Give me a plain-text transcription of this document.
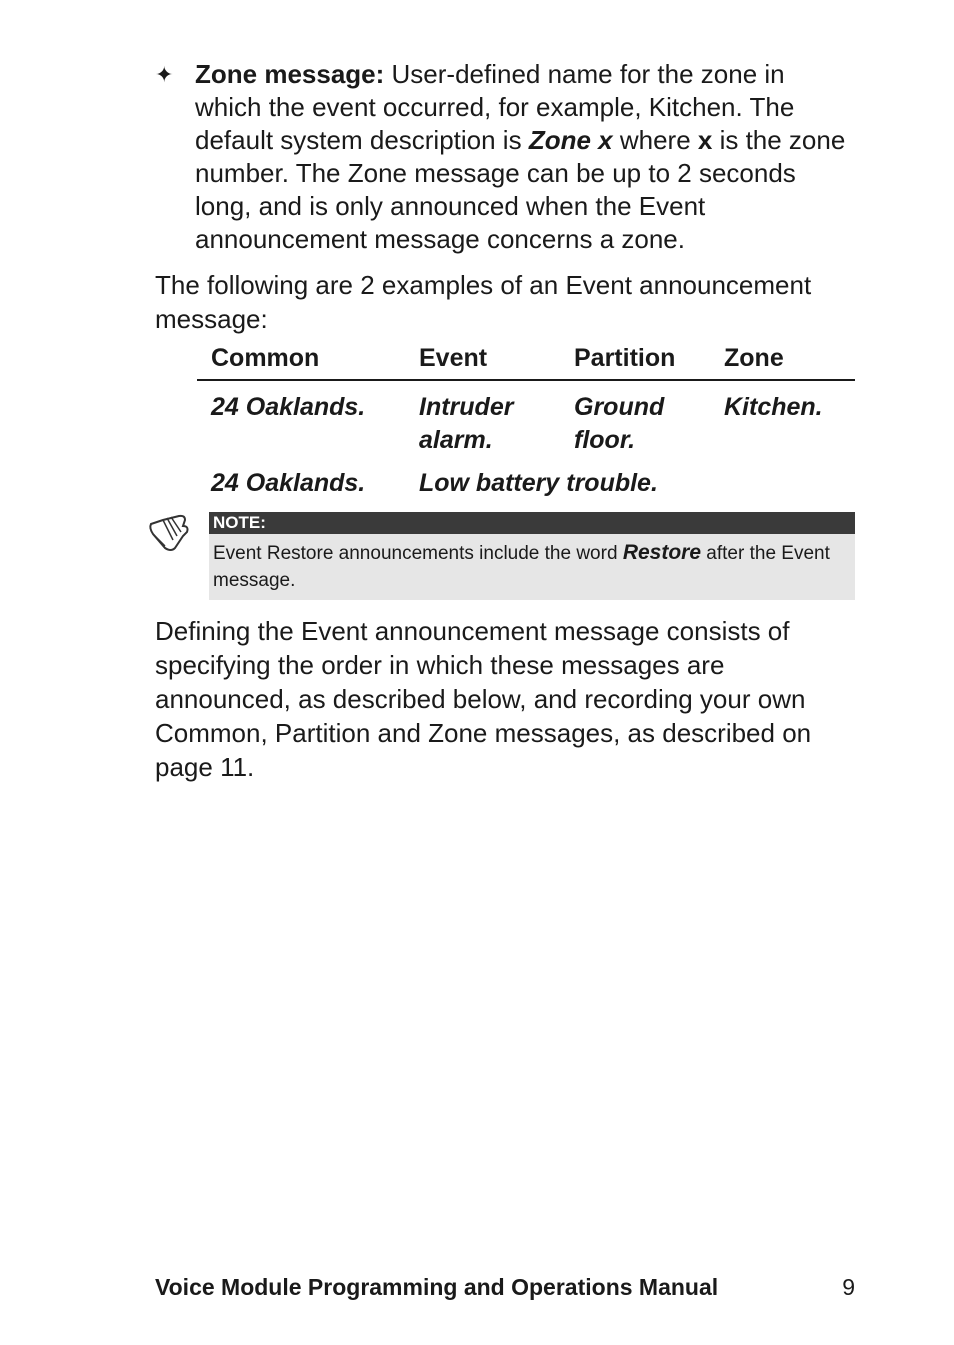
✦ Zone message: User-defined name for the zone in which the event occurred, for example, Kitchen. The default system description is Zone x where x is the zone number. The Zone message can be up to 2 seconds long, and is only announced when the Event announcement message concerns a zone.
The following are 2 examples of an Event announcement message:
Common	Event	Partition	Zone
24 Oaklands.	Intruder alarm.	Ground floor.	Kitchen.
24 Oaklands.	Low battery trouble.		
NOTE:
Event Restore announcements include the word Restore after the Event message.
Defining the Event announcement message consists of specifying the order in which these messages are announced, as described below, and recording your own Common, Partition and Zone messages, as described on page 11.
Voice Module Programming and Operations Manual	9
